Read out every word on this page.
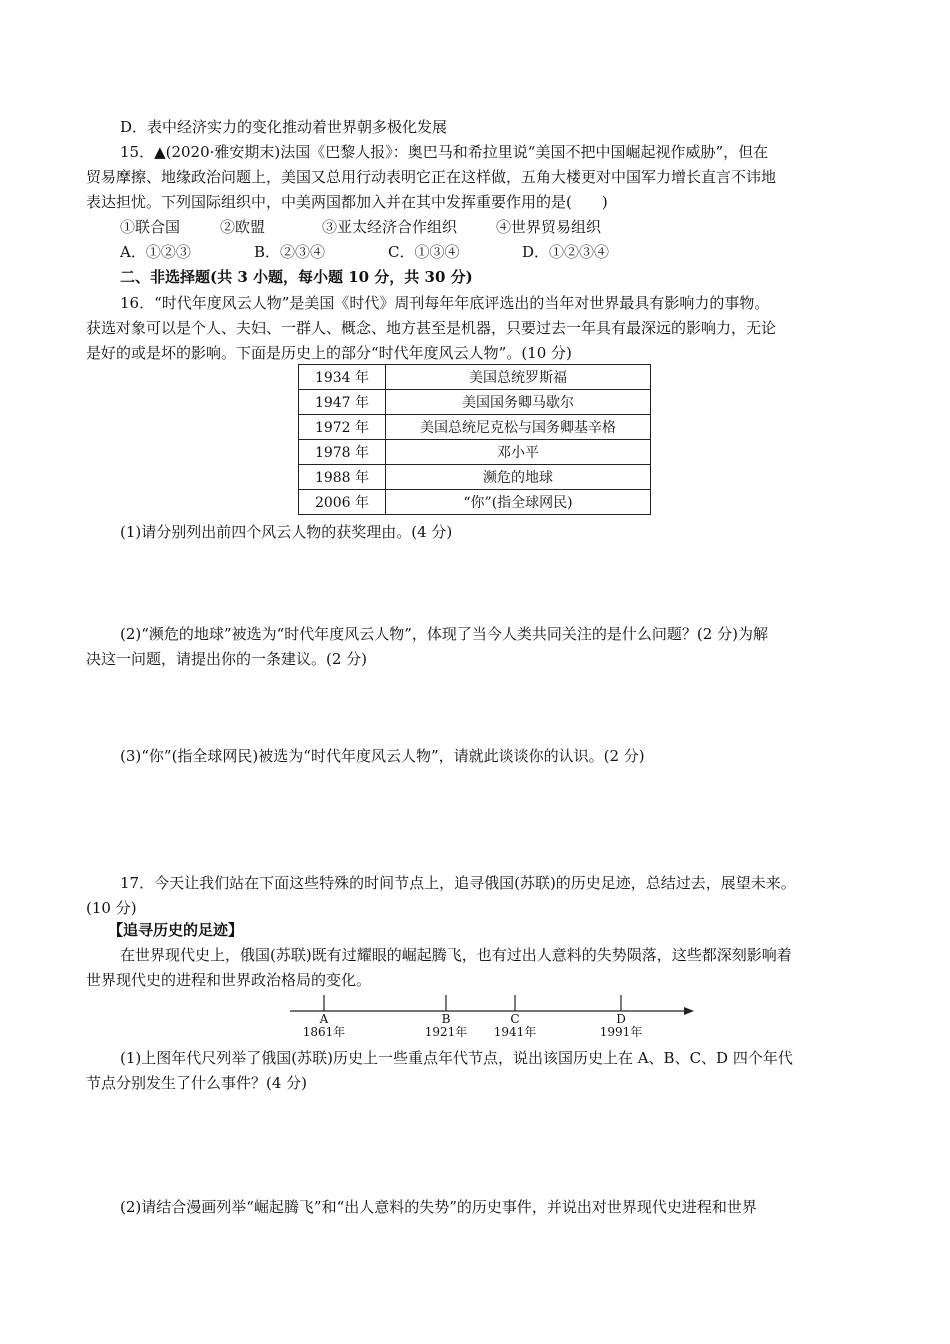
D．表中经济实力的变化推动着世界朝多极化发展
15．▲(2020·雅安期末)法国《巴黎人报》：奥巴马和希拉里说“美国不把中国崛起视作威胁”，但在
贸易摩擦、地缘政治问题上，美国又总用行动表明它正在这样做，五角大楼更对中国军力增长直言不讳地
表达担忧。下列国际组织中，中美两国都加入并在其中发挥重要作用的是(　　)
①联合国	②欧盟	③亚太经济合作组织	④世界贸易组织
A．①②③	B．②③④	C．①③④	D．①②③④
二、非选择题(共 3 小题，每小题 10 分，共 30 分)
16．“时代年度风云人物”是美国《时代》周刊每年年底评选出的当年对世界最具有影响力的事物。
获选对象可以是个人、夫妇、一群人、概念、地方甚至是机器，只要过去一年具有最深远的影响力，无论
是好的或是坏的影响。下面是历史上的部分“时代年度风云人物”。(10 分)
1934 年	美国总统罗斯福
1947 年	美国国务卿马歇尔
1972 年	美国总统尼克松与国务卿基辛格
1978 年	邓小平
1988 年	濒危的地球
2006 年	“你”(指全球网民)
(1)请分别列出前四个风云人物的获奖理由。(4 分)
(2)“濒危的地球”被选为“时代年度风云人物”，体现了当今人类共同关注的是什么问题？(2 分)为解
决这一问题，请提出你的一条建议。(2 分)
(3)“你”(指全球网民)被选为“时代年度风云人物”，请就此谈谈你的认识。(2 分)
17．今天让我们站在下面这些特殊的时间节点上，追寻俄国(苏联)的历史足迹，总结过去，展望未来。
(10 分)
【追寻历史的足迹】
在世界现代史上，俄国(苏联)既有过耀眼的崛起腾飞，也有过出人意料的失势陨落，这些都深刻影响着
世界现代史的进程和世界政治格局的变化。
A	B	C	D
1861年	1921年	1941年	1991年
(1)上图年代尺列举了俄国(苏联)历史上一些重点年代节点，说出该国历史上在 A、B、C、D 四个年代
节点分别发生了什么事件？(4 分)
(2)请结合漫画列举“崛起腾飞”和“出人意料的失势”的历史事件，并说出对世界现代史进程和世界
